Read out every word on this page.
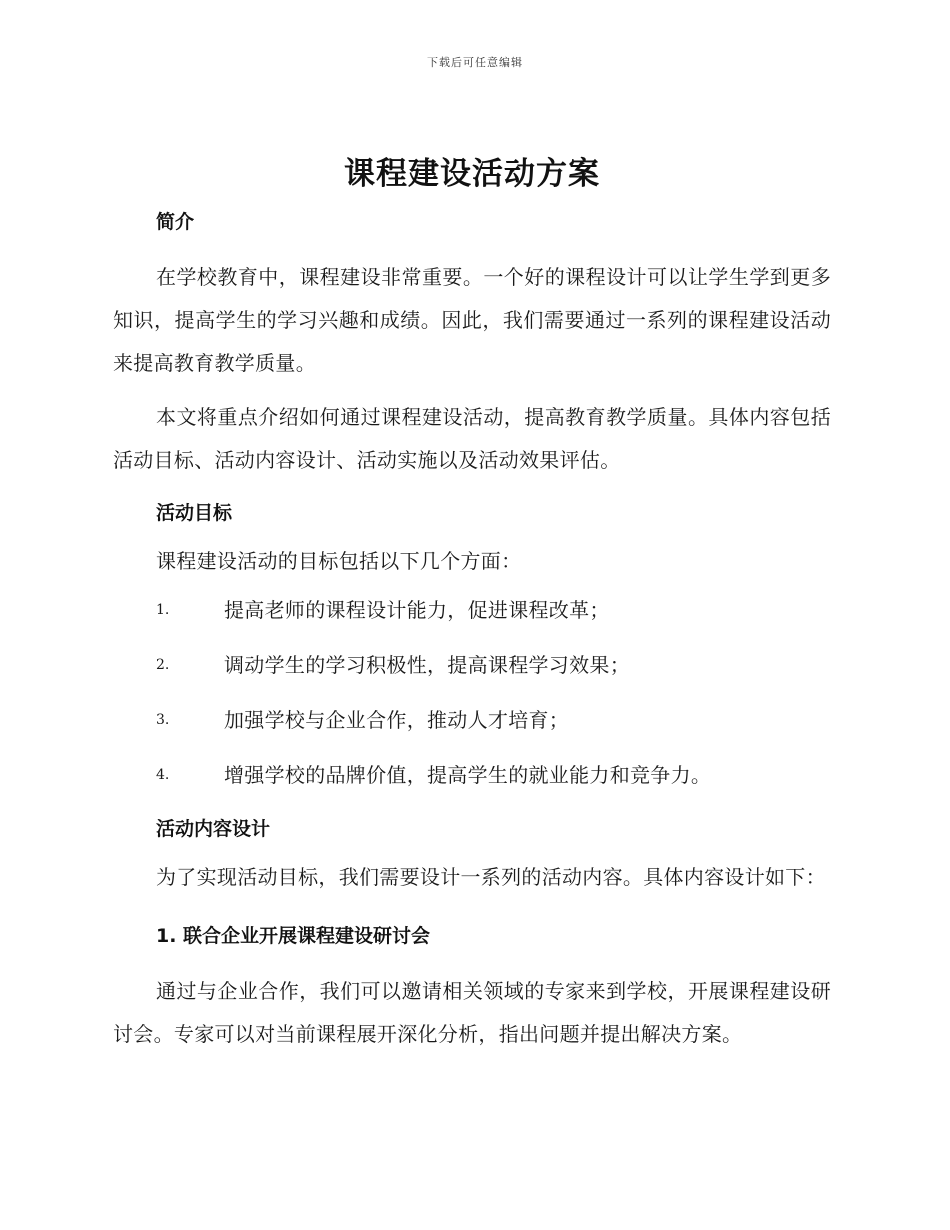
下载后可任意编辑
课程建设活动方案
简介

在学校教育中，课程建设非常重要。一个好的课程设计可以让学生学到更多知识，提高学生的学习兴趣和成绩。因此，我们需要通过一系列的课程建设活动来提高教育教学质量。

本文将重点介绍如何通过课程建设活动，提高教育教学质量。具体内容包括活动目标、活动内容设计、活动实施以及活动效果评估。

活动目标

课程建设活动的目标包括以下几个方面：

1.	提高老师的课程设计能力，促进课程改革；
2.	调动学生的学习积极性，提高课程学习效果；
3.	加强学校与企业合作，推动人才培育；
4.	增强学校的品牌价值，提高学生的就业能力和竞争力。
活动内容设计

为了实现活动目标，我们需要设计一系列的活动内容。具体内容设计如下：

1. 联合企业开展课程建设研讨会

通过与企业合作，我们可以邀请相关领域的专家来到学校，开展课程建设研讨会。专家可以对当前课程展开深化分析，指出问题并提出解决方案。
